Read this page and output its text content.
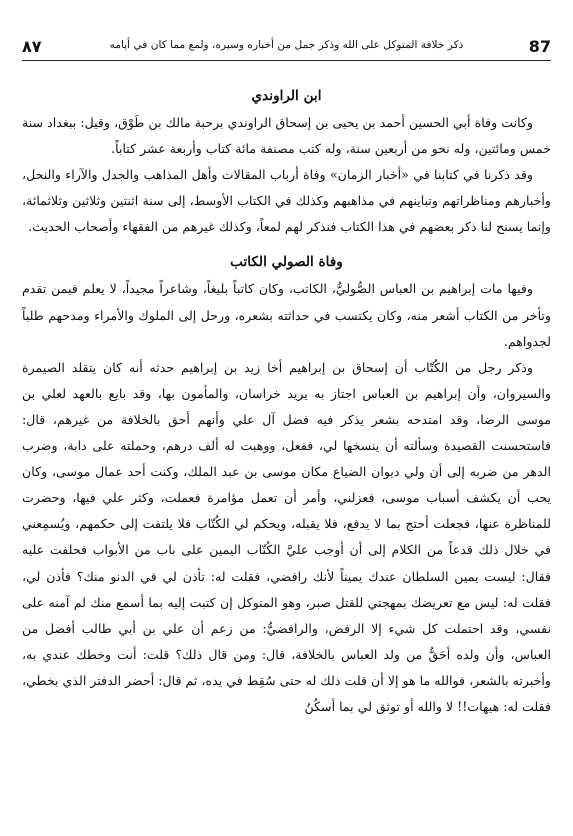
87
ذكر خلافة المتوكل على الله وذكر جمل من أخباره وسيره، ولمع مما كان في أيامه
٨٧
ابن الراوندي

وكانت وفاة أبي الحسين أحمد بن يحيى بن إسحاق الراوندي برحبة مالك بن طَوْق، وقيل: ببغداد سنة خمس ومائتين، وله نحو من أربعين سنة، وله كتب مصنفة مائة كتاب وأربعة عشر كتاباً.

وقد ذكرنا في كتابنا في «أخبار الزمان» وفاة أرباب المقالات وأهل المذاهب والجدل والآراء والنحل، وأخبارهم ومناظراتهم وتباينهم في مذاهبهم وكذلك في الكتاب الأوسط، إلى سنة اثنتين وثلاثين وثلاثمائة، وإنما يسنح لنا ذكر بعضهم في هذا الكتاب فنذكر لهم لمعاً، وكذلك غيرهم من الفقهاء وأصحاب الحديث.

وفاة الصولي الكاتب

وفيها مات إبراهيم بن العباس الصُّوليُّ، الكاتب، وكان كاتباً بليغاً، وشاعراً مجيداً، لا يعلم فيمن تقدم وتأخر من الكتاب أشعر منه، وكان يكتسب في حداثته بشعره، ورحل إلى الملوك والأمراء ومدحهم طلباً لجدواهم.

وذكر رجل من الكُتّاب أن إسحاق بن إبراهيم أخا زيد بن إبراهيم حدثه أنه كان يتقلد الصيمرة والسيروان، وأن إبراهيم بن العباس اجتاز به يريد خراسان، والمأمون بها، وقد بايع بالعهد لعلي بن موسى الرضا، وقد امتدحه بشعر يذكر فيه فضل آل علي وأنهم أحق بالخلافة من غيرهم، قال: فاستحسنت القصيدة وسألته أن ينسخها لي، ففعل، ووهبت له ألف درهم، وحملته على دابة، وضرب الدهر من ضربه إلى أن ولي ديوان الضياع مكان موسى بن عبد الملك، وكنت أحد عمال موسى، وكان يحب أن يكشف أسباب موسى، فعزلني، وأمر أن تعمل مؤامرة فعملت، وكثر علي فيها، وحضرت للمناظرة عنها، فجعلت أحتج بما لا يدفع، فلا يقبله، ويحكم لي الكُتّاب فلا يلتفت إلى حكمهم، ويُسمِعني في خلال ذلك قدعاً من الكلام إلى أن أوجب عليَّ الكُتّاب اليمين على باب من الأبواب فحلفت عليه فقال: ليست يمين السلطان عندك يميناً لأنك رافضي، فقلت له: تأذن لي في الدنو منك؟ فأذن لي، فقلت له: ليس مع تعريضك بمهجتي للقتل صبر، وهو المتوكل إن كتبت إليه بما أسمع منك لم آمنه على نفسي، وقد احتملت كل شيء إلا الرفض، والرافضيُّ: من زعم أن علي بن أبي طالب أفضل من العباس، وأن ولده أحَقُّ من ولد العباس بالخلافة، قال: ومن قال ذلك؟ قلت: أنت وخطك عندي به، وأخبرته بالشعر، فوالله ما هو إلا أن قلت ذلك له حتى سُقِط في يده، ثم قال: أحضر الدفتر الذي بخطي، فقلت له: هيهات!! لا والله أو توثق لي بما أسكُنُ
